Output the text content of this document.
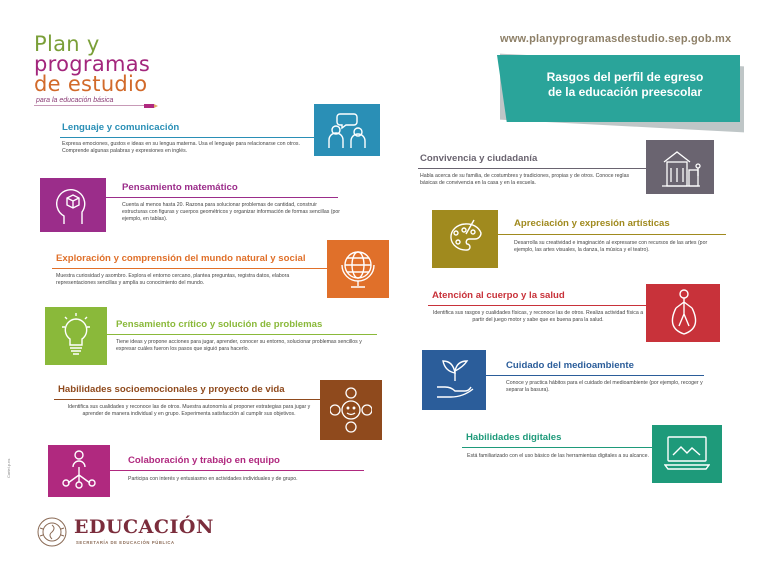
Plan y
programas
de estudio
para la educación básica
www.planyprogramasdestudio.sep.gob.mx
Rasgos del perfil de egreso
de la educación preescolar
Lenguaje y comunicación
Expresa emociones, gustos e ideas en su lengua materna. Usa el lenguaje para relacionarse con otros. Comprende algunas palabras y expresiones en inglés.
Pensamiento matemático
Cuenta al menos hasta 20. Razona para solucionar problemas de cantidad, construir estructuras con figuras y cuerpos geométricos y organizar información de formas sencillas (por ejemplo, en tablas).
Exploración y comprensión del mundo natural y social
Muestra curiosidad y asombro. Explora el entorno cercano, plantea preguntas, registra datos, elabora representaciones sencillas y amplía su conocimiento del mundo.
Pensamiento crítico y solución de problemas
Tiene ideas y propone acciones para jugar, aprender, conocer su entorno, solucionar problemas sencillos y expresar cuáles fueron los pasos que siguió para hacerlo.
Habilidades socioemocionales y proyecto de vida
Identifica sus cualidades y reconoce las de otros. Muestra autonomía al proponer estrategias para jugar y aprender de manera individual y en grupo. Experimenta satisfacción al cumplir sus objetivos.
Colaboración y trabajo en equipo
Participa con interés y entusiasmo en actividades individuales y de grupo.
Convivencia y ciudadanía
Habla acerca de su familia, de costumbres y tradiciones, propias y de otros. Conoce reglas básicas de convivencia en la casa y en la escuela.
Apreciación y expresión artísticas
Desarrolla su creatividad e imaginación al expresarse con recursos de las artes (por ejemplo, las artes visuales, la danza, la música y el teatro).
Atención al cuerpo y la salud
Identifica sus rasgos y cualidades físicas, y reconoce las de otros. Realiza actividad física a partir del juego motor y sabe que es buena para la salud.
Cuidado del medioambiente
Conoce y practica hábitos para el cuidado del medioambiente (por ejemplo, recoger y separar la basura).
Habilidades digitales
Está familiarizado con el uso básico de las herramientas digitales a su alcance.
Cartel.p.ns
EDUCACIÓN
SECRETARÍA DE EDUCACIÓN PÚBLICA
